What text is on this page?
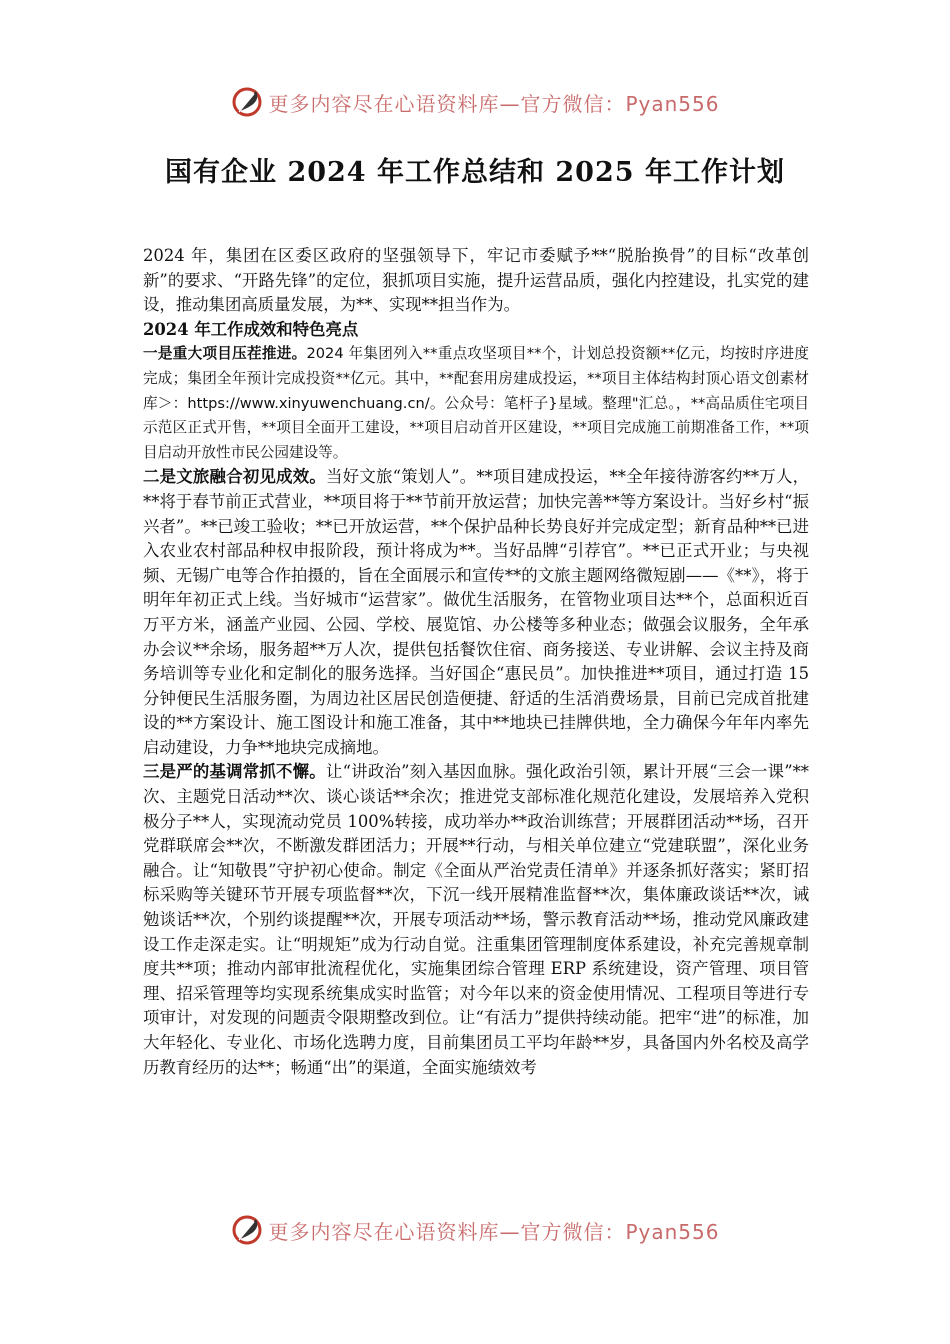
更多内容尽在心语资料库—官方微信：Pyan556
国有企业 2024 年工作总结和 2025 年工作计划

2024 年，集团在区委区政府的坚强领导下，牢记市委赋予**“脱胎换骨”的目标“改革创新”的要求、“开路先锋”的定位，狠抓项目实施，提升运营品质，强化内控建设，扎实党的建设，推动集团高质量发展，为**、实现**担当作为。

2024 年工作成效和特色亮点

一是重大项目压茬推进。2024 年集团列入**重点攻坚项目**个，计划总投资额**亿元，均按时序进度完成；集团全年预计完成投资**亿元。其中，**配套用房建成投运，**项目主体结构封顶心语文创素材库＞：https://www.xinyuwenchuang.cn/。公众号：笔杆子}星域。整理"汇总。，**高品质住宅项目示范区正式开售，**项目全面开工建设，**项目启动首开区建设，**项目完成施工前期准备工作，**项目启动开放性市民公园建设等。

二是文旅融合初见成效。当好文旅“策划人”。**项目建成投运，**全年接待游客约**万人，**将于春节前正式营业，**项目将于**节前开放运营；加快完善**等方案设计。当好乡村“振兴者”。**已竣工验收；**已开放运营，**个保护品种长势良好并完成定型；新育品种**已进入农业农村部品种权申报阶段，预计将成为**。当好品牌“引荐官”。**已正式开业；与央视频、无锡广电等合作拍摄的，旨在全面展示和宣传**的文旅主题网络微短剧——《**》，将于明年年初正式上线。当好城市“运营家”。做优生活服务，在管物业项目达**个，总面积近百万平方米，涵盖产业园、公园、学校、展览馆、办公楼等多种业态；做强会议服务，全年承办会议**余场，服务超**万人次，提供包括餐饮住宿、商务接送、专业讲解、会议主持及商务培训等专业化和定制化的服务选择。当好国企“惠民员”。加快推进**项目，通过打造 15 分钟便民生活服务圈，为周边社区居民创造便捷、舒适的生活消费场景，目前已完成首批建设的**方案设计、施工图设计和施工准备，其中**地块已挂牌供地，全力确保今年年内率先启动建设，力争**地块完成摘地。

三是严的基调常抓不懈。让“讲政治”刻入基因血脉。强化政治引领，累计开展“三会一课”**次、主题党日活动**次、谈心谈话**余次；推进党支部标准化规范化建设，发展培养入党积极分子**人，实现流动党员 100%转接，成功举办**政治训练营；开展群团活动**场，召开党群联席会**次，不断激发群团活力；开展**行动，与相关单位建立“党建联盟”，深化业务融合。让“知敬畏”守护初心使命。制定《全面从严治党责任清单》并逐条抓好落实；紧盯招标采购等关键环节开展专项监督**次，下沉一线开展精准监督**次，集体廉政谈话**次，诫勉谈话**次，个别约谈提醒**次，开展专项活动**场，警示教育活动**场，推动党风廉政建设工作走深走实。让“明规矩”成为行动自觉。注重集团管理制度体系建设，补充完善规章制度共**项；推动内部审批流程优化，实施集团综合管理 ERP 系统建设，资产管理、项目管理、招采管理等均实现系统集成实时监管；对今年以来的资金使用情况、工程项目等进行专项审计，对发现的问题责令限期整改到位。让“有活力”提供持续动能。把牢“进”的标准，加大年轻化、专业化、市场化选聘力度，目前集团员工平均年龄**岁，具备国内外名校及高学历教育经历的达**；畅通“出”的渠道，全面实施绩效考

更多内容尽在心语资料库—官方微信：Pyan556
